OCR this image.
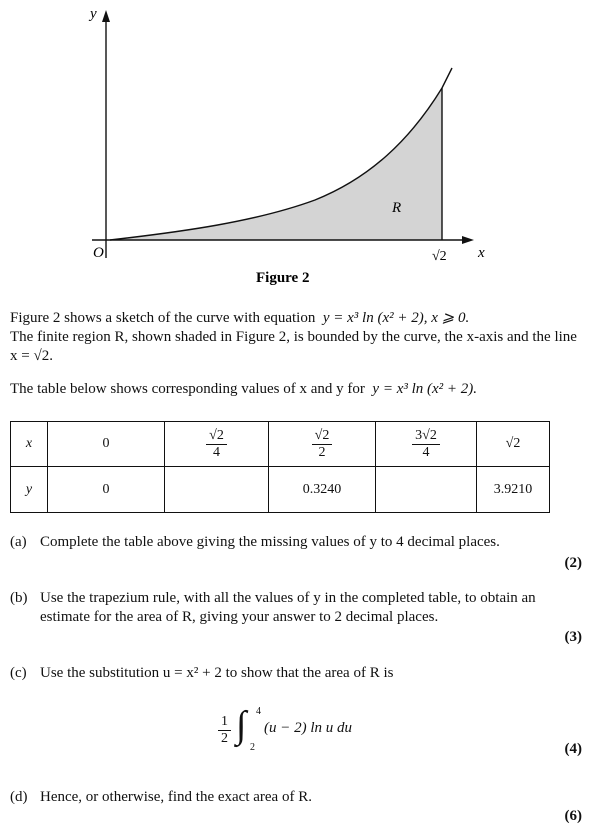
y
x
O
R
√2
Figure 2
Figure 2 shows a sketch of the curve with equation y = x³ ln (x² + 2), x ⩾ 0.
The finite region R, shown shaded in Figure 2, is bounded by the curve, the x-axis and the line x = √2.
The table below shows corresponding values of x and y for y = x³ ln (x² + 2).
x	0	$\frac{√2}{4}$	$\frac{√2}{2}$	$\frac{3√2}{4}$	√2
y	0		0.3240		3.9210
(a) Complete the table above giving the missing values of y to 4 decimal places.
(2)
(b) Use the trapezium rule, with all the values of y in the completed table, to obtain an estimate for the area of R, giving your answer to 2 decimal places.
(3)
(c) Use the substitution u = x² + 2 to show that the area of R is
(4)
$\frac{1}{2}$ ∫ 4
2
(u − 2) ln u du
(d) Hence, or otherwise, find the exact area of R.
(6)
